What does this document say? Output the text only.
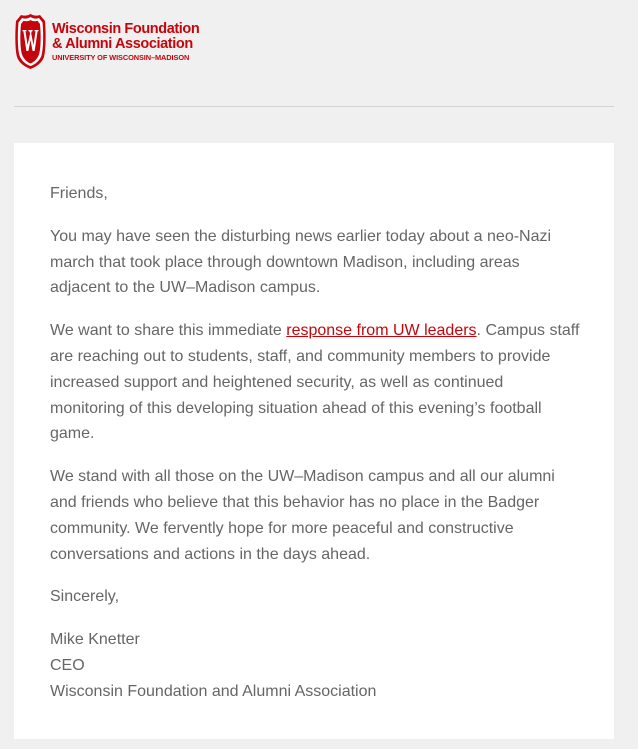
Wisconsin Foundation
& Alumni Association
UNIVERSITY OF WISCONSIN–MADISON

Friends,

You may have seen the disturbing news earlier today about a neo-Nazi march that took place through downtown Madison, including areas adjacent to the UW–Madison campus.

We want to share this immediate response from UW leaders. Campus staff are reaching out to students, staff, and community members to provide increased support and heightened security, as well as continued monitoring of this developing situation ahead of this evening’s football game.

We stand with all those on the UW–Madison campus and all our alumni and friends who believe that this behavior has no place in the Badger community. We fervently hope for more peaceful and constructive conversations and actions in the days ahead.

Sincerely,

Mike Knetter
CEO
Wisconsin Foundation and Alumni Association
